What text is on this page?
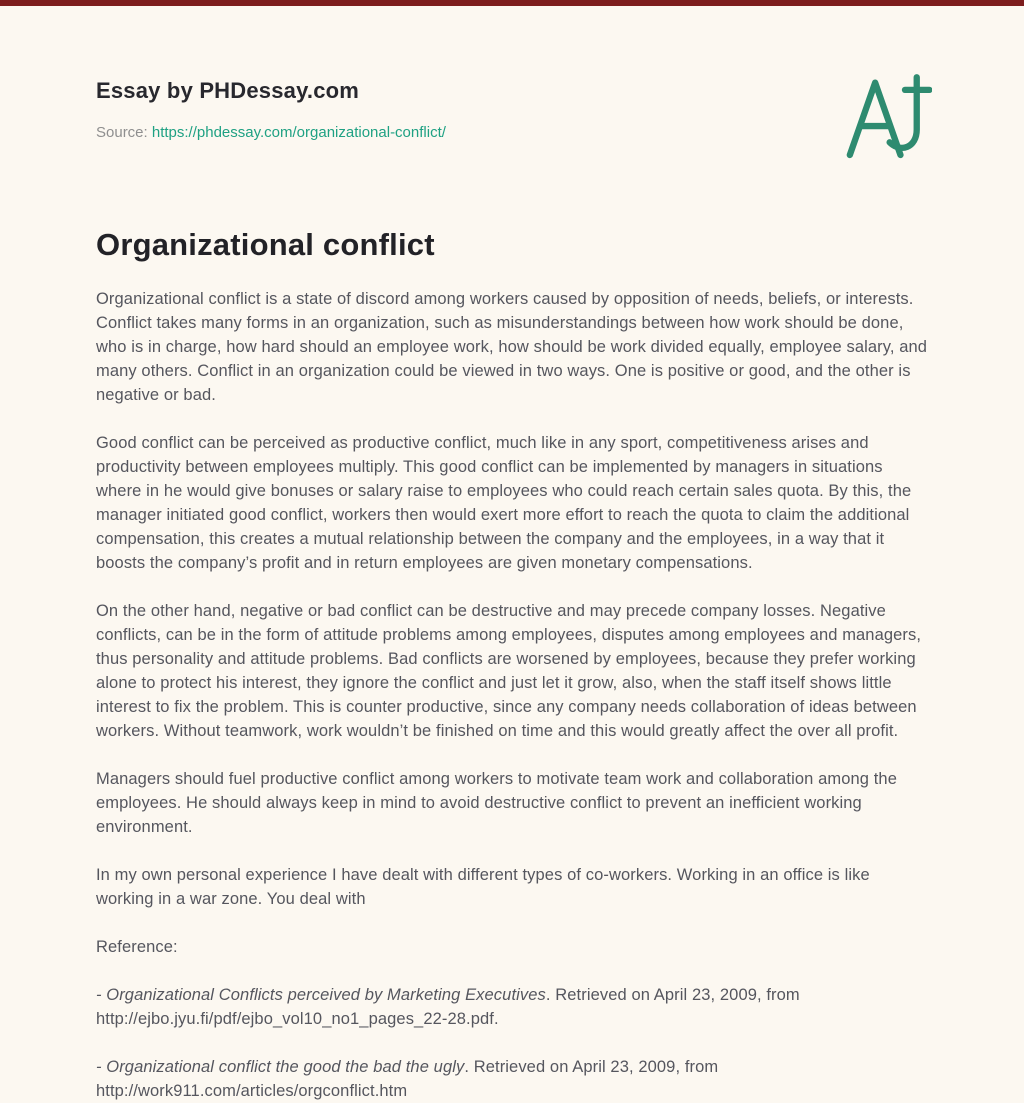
Essay by PHDessay.com
Source: https://phdessay.com/organizational-conflict/
Organizational conflict

Organizational conflict is a state of discord among workers caused by opposition of needs, beliefs, or interests. Conflict takes many forms in an organization, such as misunderstandings between how work should be done, who is in charge, how hard should an employee work, how should be work divided equally, employee salary, and many others. Conflict in an organization could be viewed in two ways. One is positive or good, and the other is negative or bad.

Good conflict can be perceived as productive conflict, much like in any sport, competitiveness arises and productivity between employees multiply. This good conflict can be implemented by managers in situations where in he would give bonuses or salary raise to employees who could reach certain sales quota. By this, the manager initiated good conflict, workers then would exert more effort to reach the quota to claim the additional compensation, this creates a mutual relationship between the company and the employees, in a way that it boosts the company’s profit and in return employees are given monetary compensations.

On the other hand, negative or bad conflict can be destructive and may precede company losses. Negative conflicts, can be in the form of attitude problems among employees, disputes among employees and managers, thus personality and attitude problems. Bad conflicts are worsened by employees, because they prefer working alone to protect his interest, they ignore the conflict and just let it grow, also, when the staff itself shows little interest to fix the problem. This is counter productive, since any company needs collaboration of ideas between workers. Without teamwork, work wouldn’t be finished on time and this would greatly affect the over all profit.

Managers should fuel productive conflict among workers to motivate team work and collaboration among the employees. He should always keep in mind to avoid destructive conflict to prevent an inefficient working environment.

In my own personal experience I have dealt with different types of co-workers. Working in an office is like working in a war zone. You deal with

Reference:

- Organizational Conflicts perceived by Marketing Executives. Retrieved on April 23, 2009, from http://ejbo.jyu.fi/pdf/ejbo_vol10_no1_pages_22-28.pdf.

- Organizational conflict the good the bad the ugly. Retrieved on April 23, 2009, from http://work911.com/articles/orgconflict.htm
